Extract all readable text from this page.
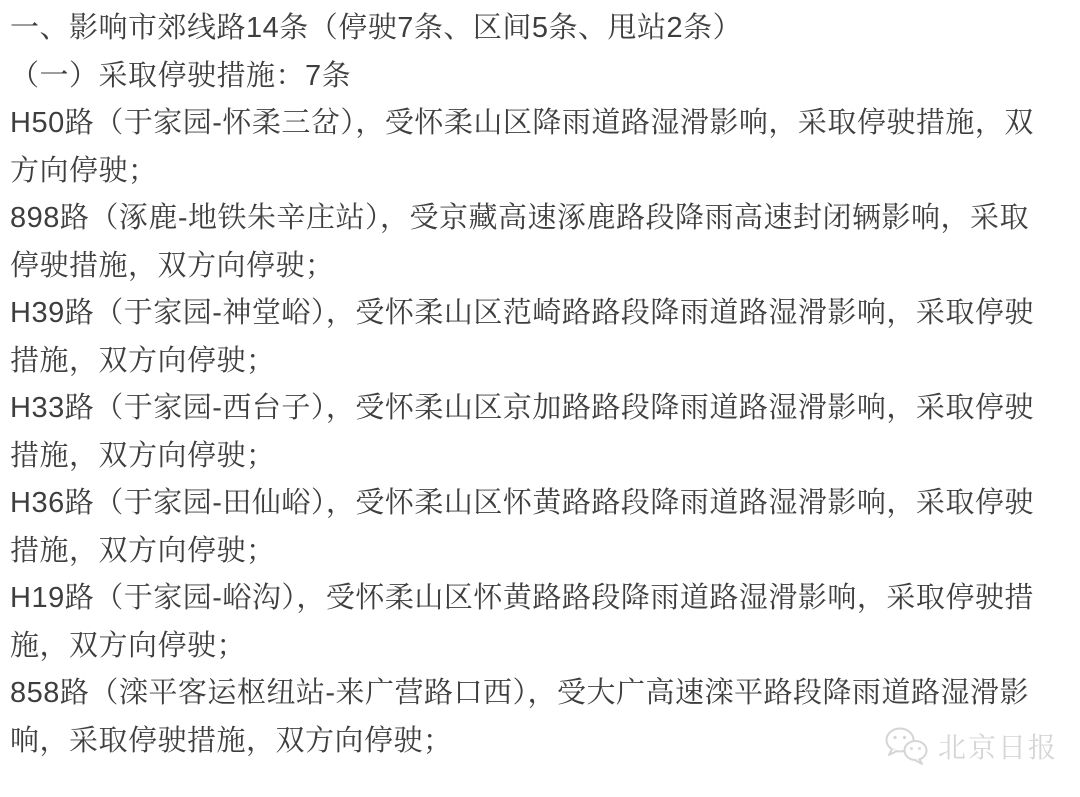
一、影响市郊线路14条（停驶7条、区间5条、甩站2条）

（一）采取停驶措施：7条

H50路（于家园-怀柔三岔），受怀柔山区降雨道路湿滑影响，采取停驶措施，双方向停驶；

898路（涿鹿-地铁朱辛庄站），受京藏高速涿鹿路段降雨高速封闭辆影响，采取停驶措施，双方向停驶；

H39路（于家园-神堂峪），受怀柔山区范崎路路段降雨道路湿滑影响，采取停驶措施，双方向停驶；

H33路（于家园-西台子），受怀柔山区京加路路段降雨道路湿滑影响，采取停驶措施，双方向停驶；

H36路（于家园-田仙峪），受怀柔山区怀黄路路段降雨道路湿滑影响，采取停驶措施，双方向停驶；

H19路（于家园-峪沟），受怀柔山区怀黄路路段降雨道路湿滑影响，采取停驶措施，双方向停驶；

858路（滦平客运枢纽站-来广营路口西），受大广高速滦平路段降雨道路湿滑影响，采取停驶措施，双方向停驶；	北京日报
